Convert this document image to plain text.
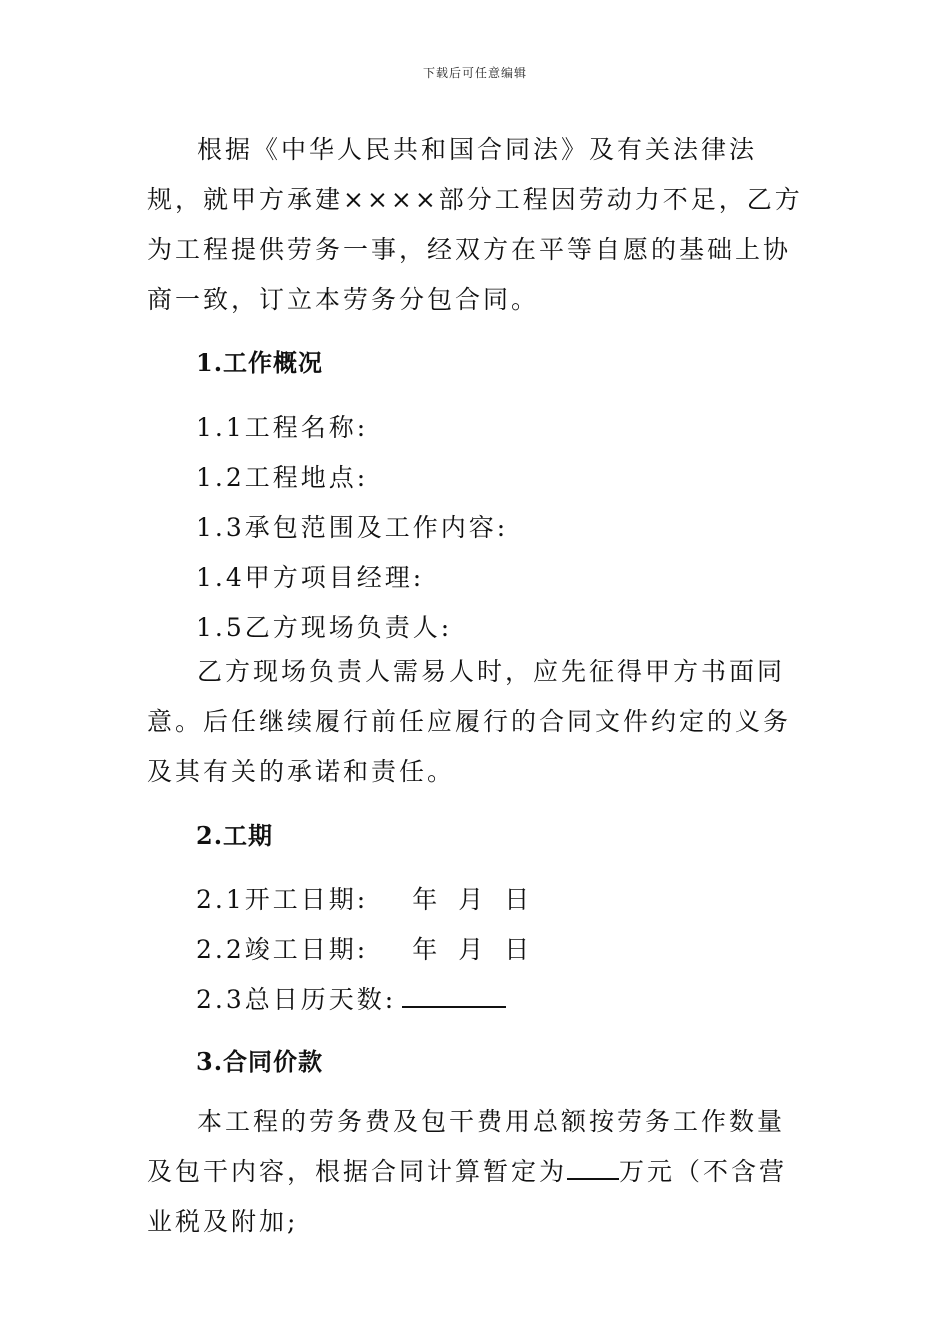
下载后可任意编辑
根据《中华人民共和国合同法》及有关法律法规，就甲方承建××××部分工程因劳动力不足，乙方为工程提供劳务一事，经双方在平等自愿的基础上协商一致，订立本劳务分包合同。
1.工作概况
1.1工程名称:
1.2工程地点:
1.3承包范围及工作内容:
1.4甲方项目经理:
1.5乙方现场负责人:
乙方现场负责人需易人时，应先征得甲方书面同意。后任继续履行前任应履行的合同文件约定的义务及其有关的承诺和责任。
2.工期
2.1开工日期: 年 月 日
2.2竣工日期: 年 月 日
2.3总日历天数:
3.合同价款
本工程的劳务费及包干费用总额按劳务工作数量及包干内容，根据合同计算暂定为 万元（不含营业税及附加;
